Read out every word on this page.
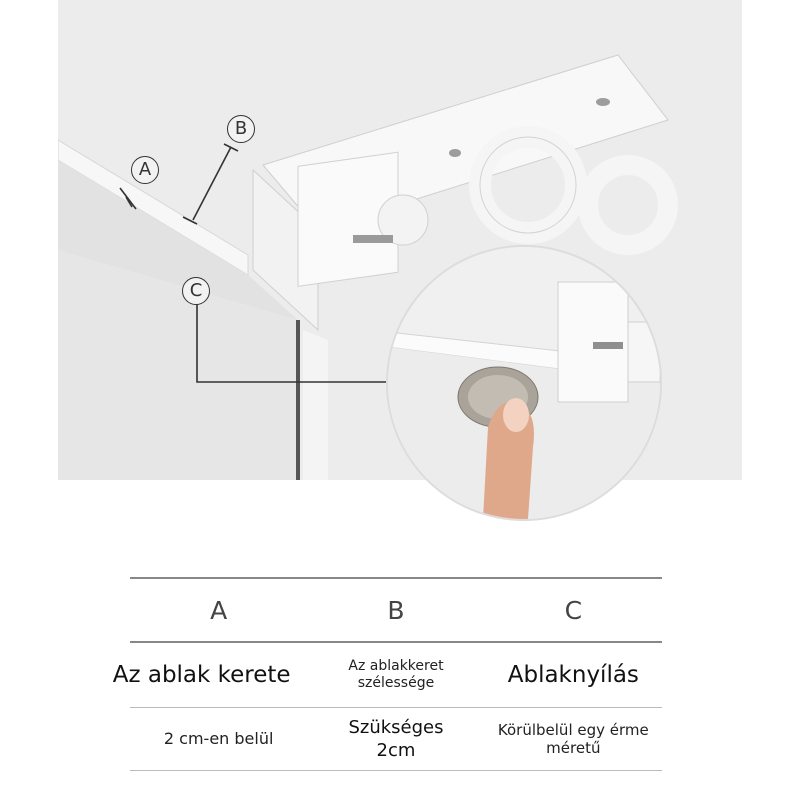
A
B
C
A	B	C

Az ablak kerete	Az ablakkeret szélessége	Ablaknyílás

2 cm-en belül	Szükséges 2cm	Körülbelül egy érme méretű
